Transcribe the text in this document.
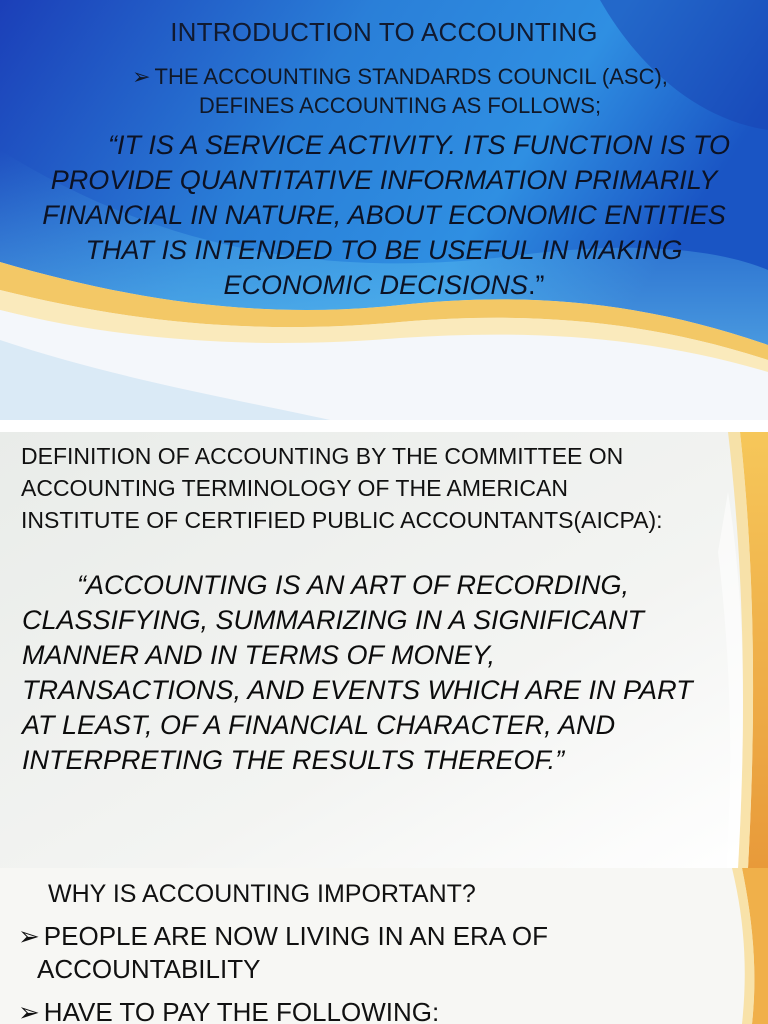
INTRODUCTION TO ACCOUNTING
➢ THE ACCOUNTING STANDARDS COUNCIL (ASC),
DEFINES ACCOUNTING AS FOLLOWS;
“IT IS A SERVICE ACTIVITY. ITS FUNCTION IS TO PROVIDE QUANTITATIVE INFORMATION PRIMARILY FINANCIAL IN NATURE, ABOUT ECONOMIC ENTITIES THAT IS INTENDED TO BE USEFUL IN MAKING ECONOMIC DECISIONS.”
DEFINITION OF ACCOUNTING BY THE COMMITTEE ON
ACCOUNTING TERMINOLOGY OF THE AMERICAN
INSTITUTE OF CERTIFIED PUBLIC ACCOUNTANTS(AICPA):
“ACCOUNTING IS AN ART OF RECORDING,
CLASSIFYING, SUMMARIZING IN A SIGNIFICANT
MANNER AND IN TERMS OF MONEY,
TRANSACTIONS, AND EVENTS WHICH ARE IN PART
AT LEAST, OF A FINANCIAL CHARACTER, AND
INTERPRETING THE RESULTS THEREOF.”
WHY IS ACCOUNTING IMPORTANT?
➢ PEOPLE ARE NOW LIVING IN AN ERA OF
ACCOUNTABILITY
➢ HAVE TO PAY THE FOLLOWING:
